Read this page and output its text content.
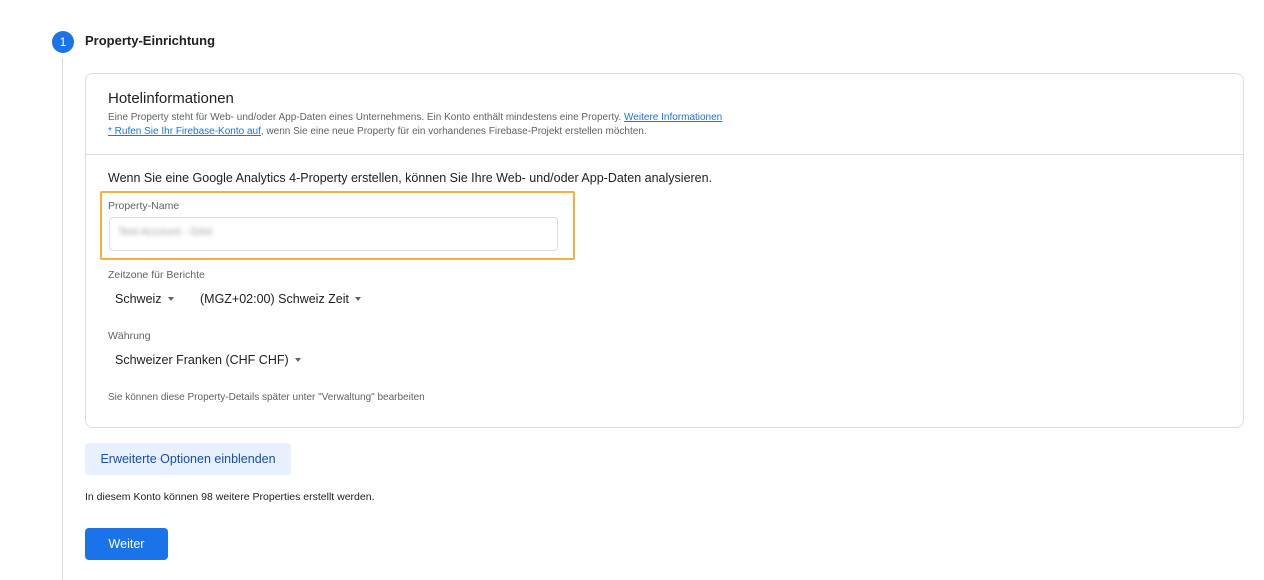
1	Property-Einrichtung
Hotelinformationen
Eine Property steht für Web- und/oder App-Daten eines Unternehmens. Ein Konto enthält mindestens eine Property. Weitere Informationen
* Rufen Sie Ihr Firebase-Konto auf, wenn Sie eine neue Property für ein vorhandenes Firebase-Projekt erstellen möchten.
Wenn Sie eine Google Analytics 4-Property erstellen, können Sie Ihre Web- und/oder App-Daten analysieren.
Property-Name
Test Account - GA4
Zeitzone für Berichte
Schweiz	(MGZ+02:00) Schweiz Zeit
Währung
Schweizer Franken (CHF CHF)
Sie können diese Property-Details später unter "Verwaltung" bearbeiten
Erweiterte Optionen einblenden
In diesem Konto können 98 weitere Properties erstellt werden.
Weiter
